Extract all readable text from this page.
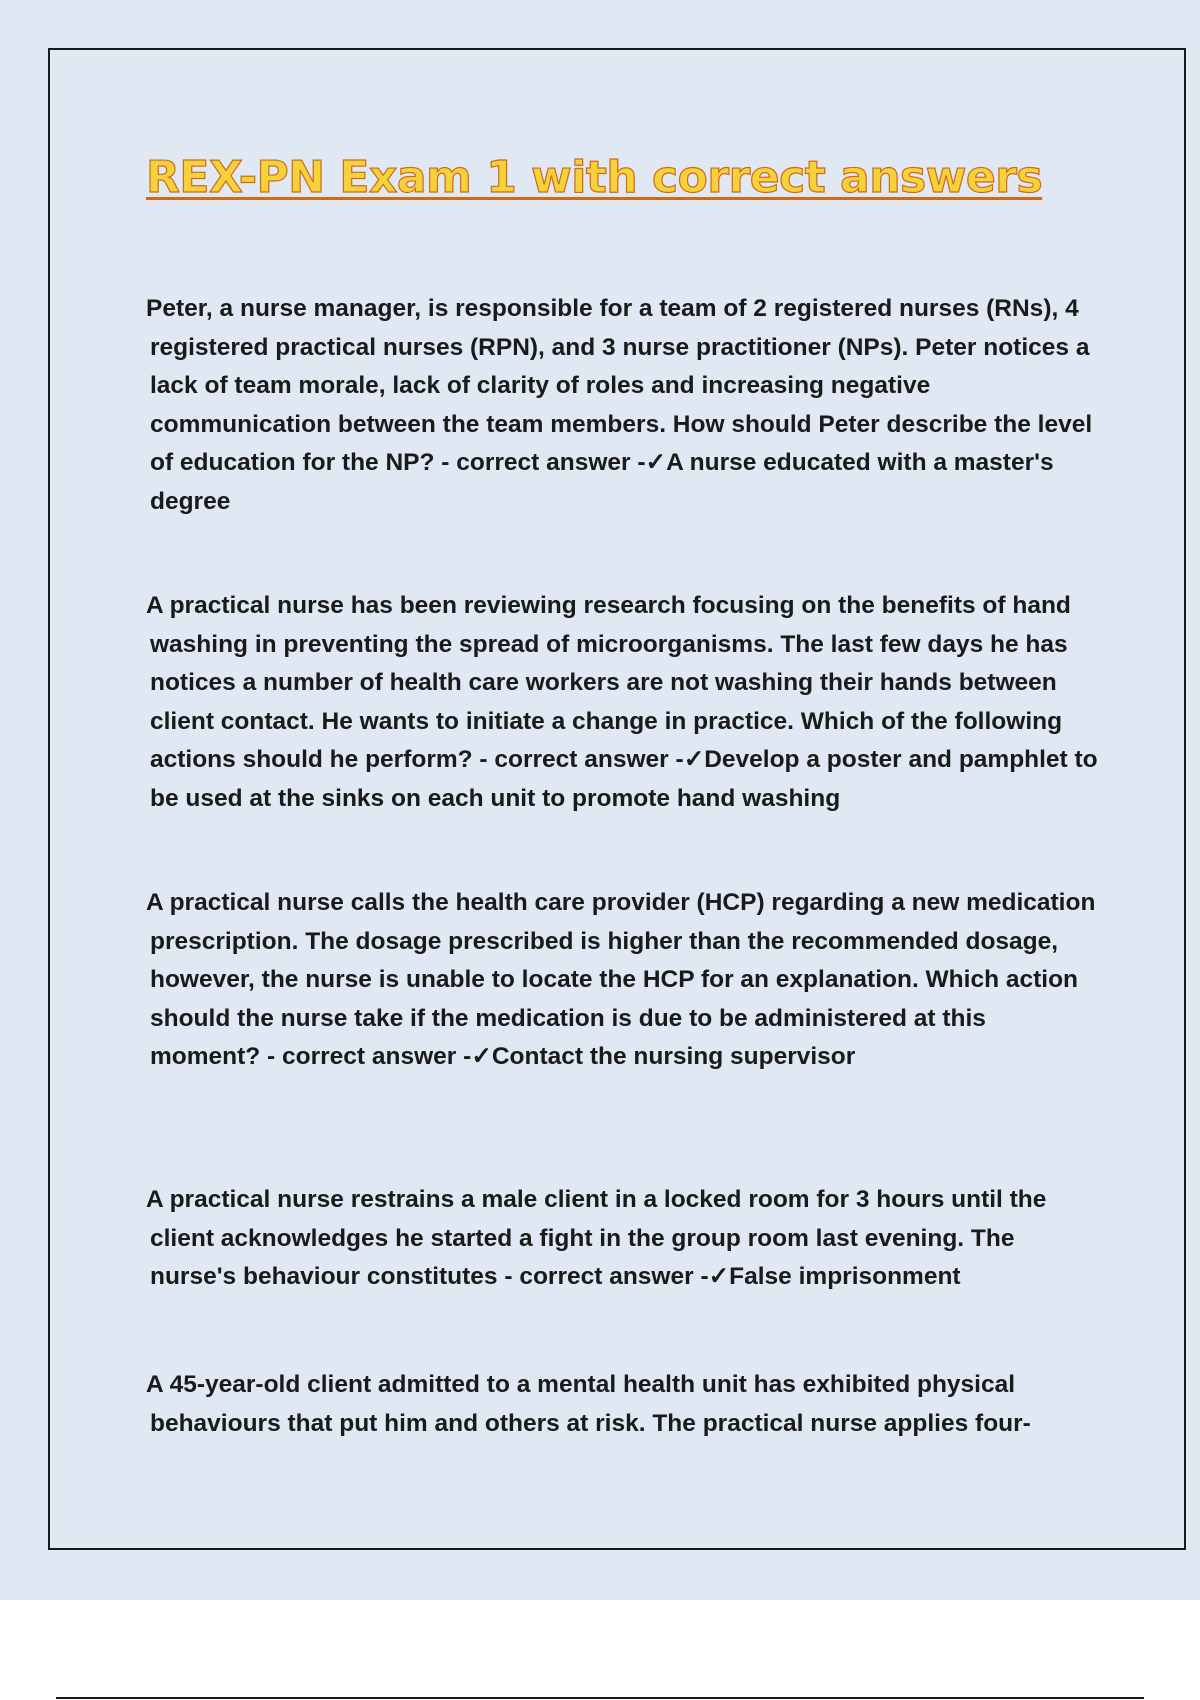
REX-PN Exam 1 with correct answers

Peter, a nurse manager, is responsible for a team of 2 registered nurses (RNs), 4 registered practical nurses (RPN), and 3 nurse practitioner (NPs). Peter notices a lack of team morale, lack of clarity of roles and increasing negative communication between the team members. How should Peter describe the level of education for the NP? - correct answer -✓A nurse educated with a master's degree

A practical nurse has been reviewing research focusing on the benefits of hand washing in preventing the spread of microorganisms. The last few days he has notices a number of health care workers are not washing their hands between client contact. He wants to initiate a change in practice. Which of the following actions should he perform? - correct answer -✓Develop a poster and pamphlet to be used at the sinks on each unit to promote hand washing

A practical nurse calls the health care provider (HCP) regarding a new medication prescription. The dosage prescribed is higher than the recommended dosage, however, the nurse is unable to locate the HCP for an explanation. Which action should the nurse take if the medication is due to be administered at this moment? - correct answer -✓Contact the nursing supervisor

A practical nurse restrains a male client in a locked room for 3 hours until the client acknowledges he started a fight in the group room last evening. The nurse's behaviour constitutes - correct answer -✓False imprisonment

A 45-year-old client admitted to a mental health unit has exhibited physical behaviours that put him and others at risk. The practical nurse applies four-
